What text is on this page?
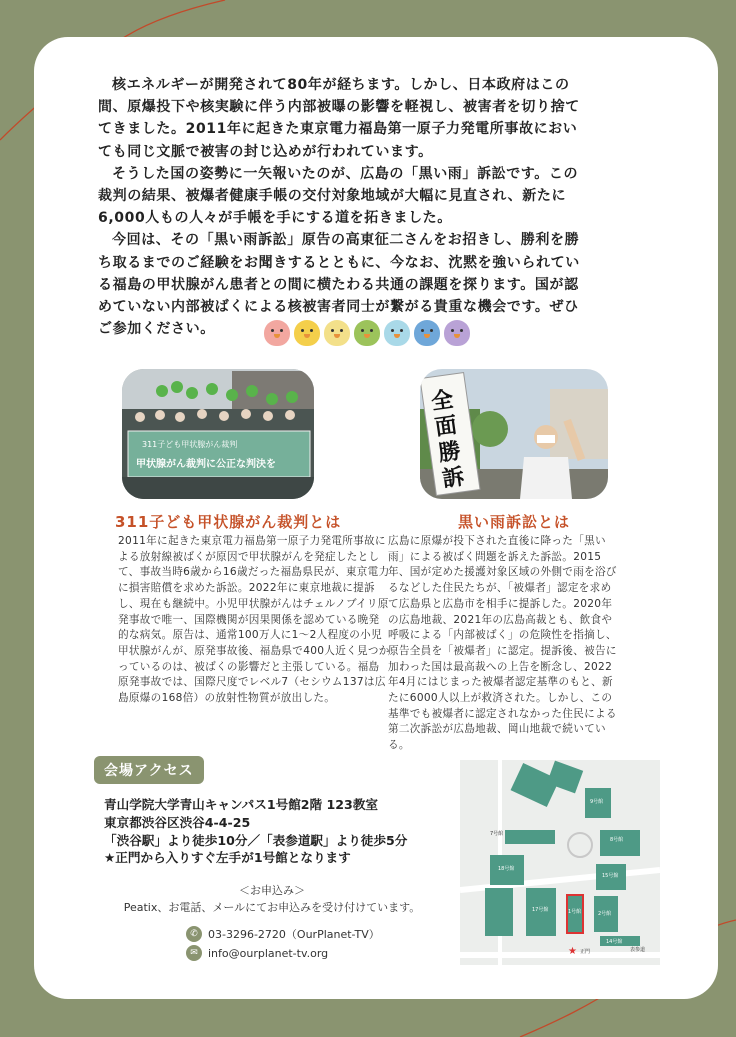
核エネルギーが開発されて80年が経ちます。しかし、日本政府はこの間、原爆投下や核実験に伴う内部被曝の影響を軽視し、被害者を切り捨ててきました。2011年に起きた東京電力福島第一原子力発電所事故においても同じ文脈で被害の封じ込めが行われています。

そうした国の姿勢に一矢報いたのが、広島の「黒い雨」訴訟です。この裁判の結果、被爆者健康手帳の交付対象地域が大幅に見直され、新たに6,000人もの人々が手帳を手にする道を拓きました。

今回は、その「黒い雨訴訟」原告の高東征二さんをお招きし、勝利を勝ち取るまでのご経験をお聞きするとともに、今なお、沈黙を強いられている福島の甲状腺がん患者との間に横たわる共通の課題を探ります。国が認めていない内部被ばくによる核被害者同士が繋がる貴重な機会です。ぜひご参加ください。

311子ども甲状腺がん裁判
甲状腺がん裁判に公正な判決を
全
面
勝
訴
311子ども甲状腺がん裁判とは
2011年に起きた東京電力福島第一原子力発電所事故による放射線被ばくが原因で甲状腺がんを発症したとして、事故当時6歳から16歳だった福島県民が、東京電力に損害賠償を求めた訴訟。2022年に東京地裁に提訴し、現在も継続中。小児甲状腺がんはチェルノブイリ原発事故で唯一、国際機関が因果関係を認めている晩発的な病気。原告は、通常100万人に1〜2人程度の小児甲状腺がんが、原発事故後、福島県で400人近く見つかっているのは、被ばくの影響だと主張している。福島原発事故では、国際尺度でレベル7（セシウム137は広島原爆の168倍）の放射性物質が放出した。
黒い雨訴訟とは
広島に原爆が投下された直後に降った「黒い雨」による被ばく問題を訴えた訴訟。2015年、国が定めた援護対象区域の外側で雨を浴びるなどした住民たちが、「被爆者」認定を求めて広島県と広島市を相手に提訴した。2020年の広島地裁、2021年の広島高裁とも、飲食や呼吸による「内部被ばく」の危険性を指摘し、原告全員を「被爆者」に認定。提訴後、被告に加わった国は最高裁への上告を断念し、2022年4月にはじまった被爆者認定基準のもと、新たに6000人以上が救済された。しかし、この基準でも被爆者に認定されなかった住民による第二次訴訟が広島地裁、岡山地裁で続いている。
会場アクセス
青山学院大学青山キャンパス1号館2階 123教室
東京都渋谷区渋谷4-4-25
「渋谷駅」より徒歩10分／「表参道駅」より徒歩5分
★正門から入りすぐ左手が1号館となります
＜お申込み＞
Peatix、お電話、メールにてお申込みを受け付けています。
✆ 03-3296-2720（OurPlanet-TV）
✉ info@ourplanet-tv.org
18号館
17号館
15号館
8号館
9号館
2号館
1号館
14号館
7号館
正門	表参道
★
